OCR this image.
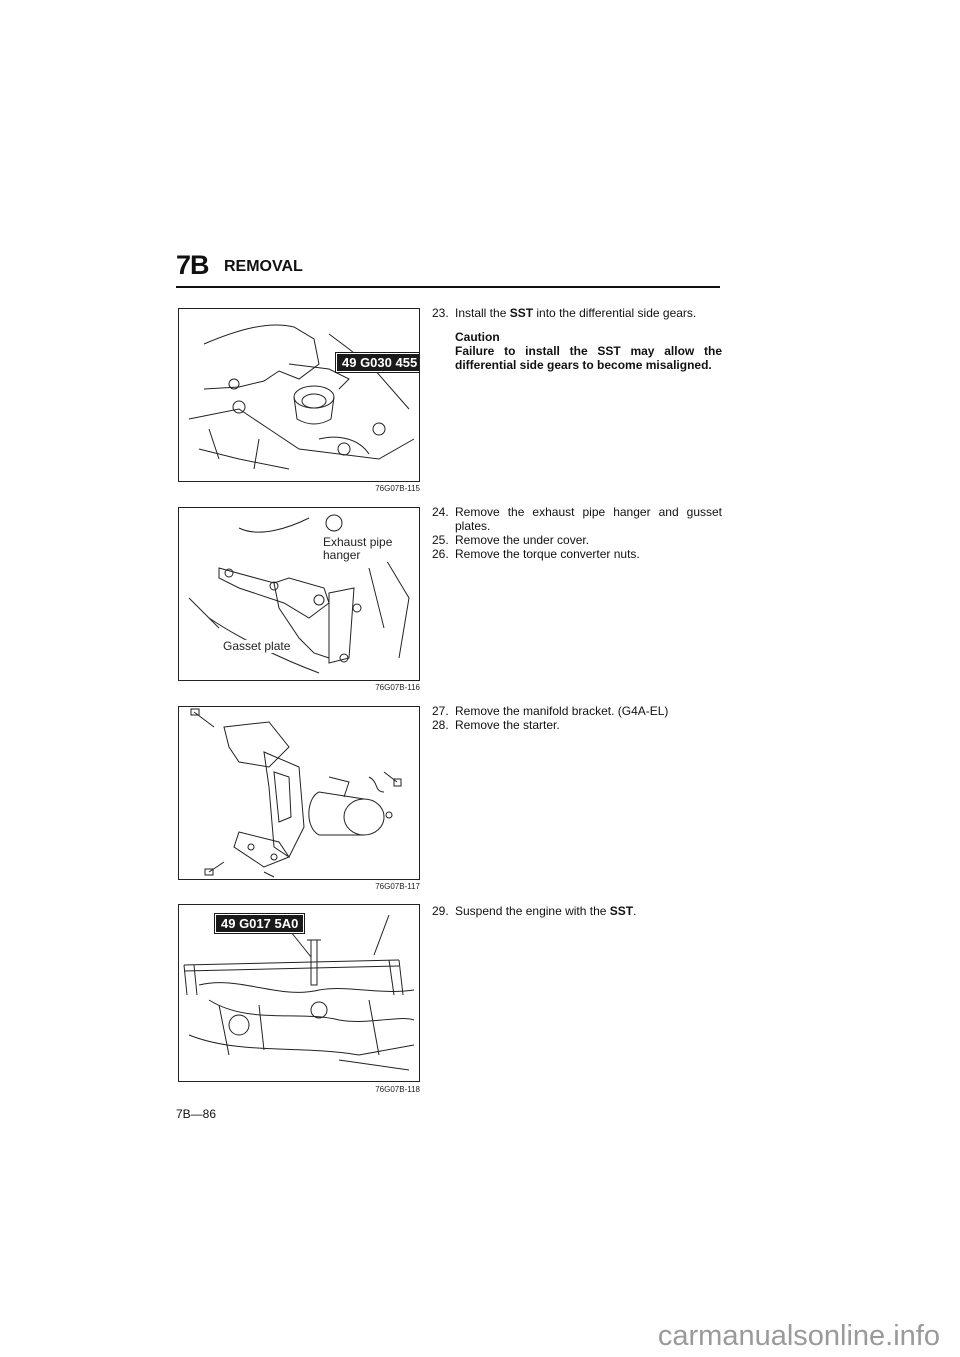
7B REMOVAL
49 G030 455
76G07B-115
Exhaust pipe hanger
Gasset plate
76G07B-116
76G07B-117
49 G017 5A0
76G07B-118

23. Install the SST into the differential side gears.

Caution
Failure to install the SST may allow the differential side gears to become misaligned.

24. Remove the exhaust pipe hanger and gusset plates.

25. Remove the under cover.

26. Remove the torque converter nuts.

27. Remove the manifold bracket. (G4A-EL)

28. Remove the starter.

29. Suspend the engine with the SST.

7B—86
carmanualsonline.info
